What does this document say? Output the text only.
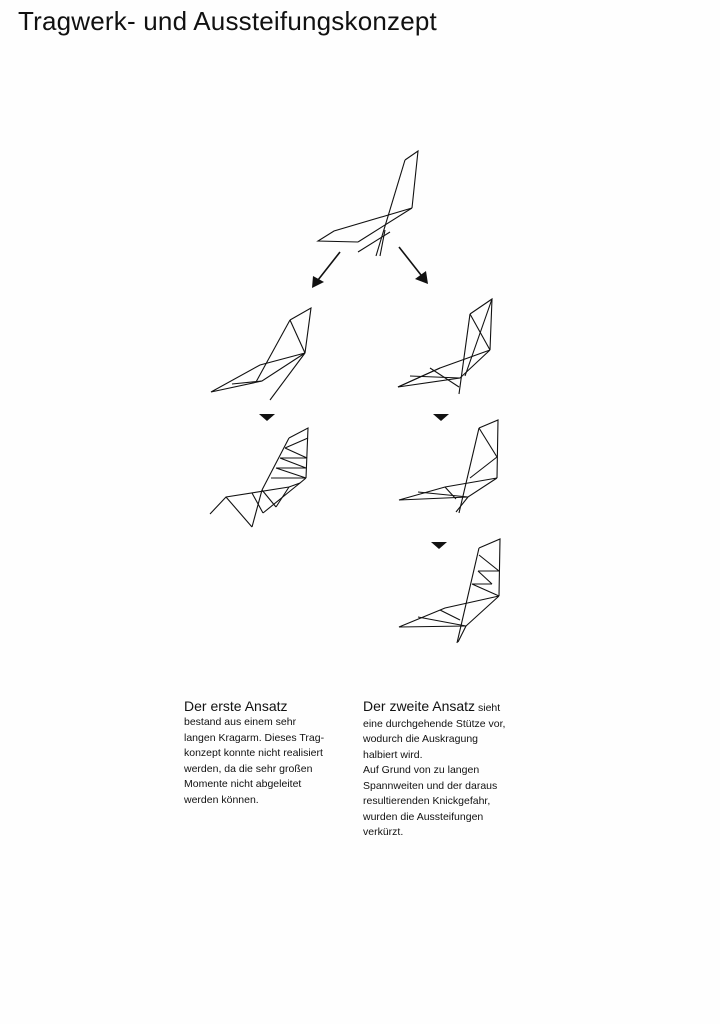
Tragwerk- und Aussteifungskonzept
Der erste Ansatz
bestand aus einem sehr
langen Kragarm. Dieses Trag-
konzept konnte nicht realisiert
werden, da die sehr großen
Momente nicht abgeleitet
werden können.
Der zweite Ansatz sieht
eine durchgehende Stütze vor,
wodurch die Auskragung
halbiert wird.
Auf Grund von zu langen
Spannweiten und der daraus
resultierenden Knickgefahr,
wurden die Aussteifungen
verkürzt.
